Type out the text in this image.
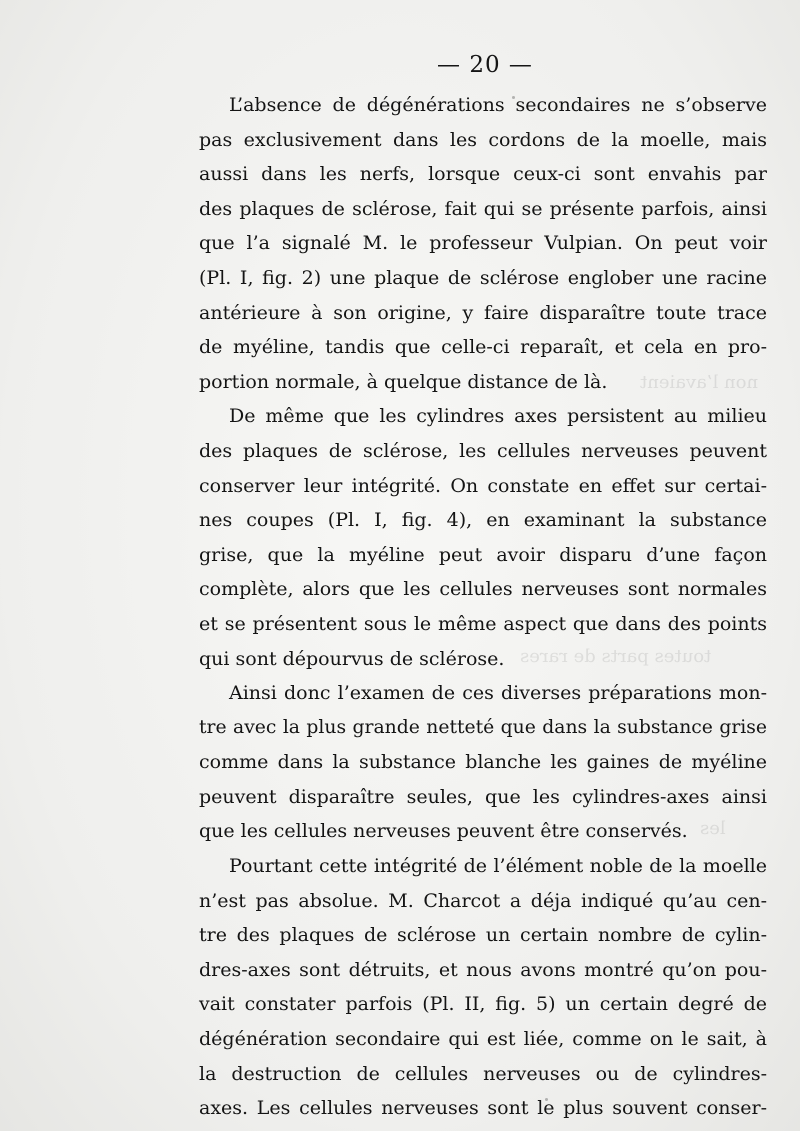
non l’avaient
toutes parts de rares
les
— 20 —
L’absence de dégénérations secondaires ne s’observe
pas exclusivement dans les cordons de la moelle, mais
aussi dans les nerfs, lorsque ceux-ci sont envahis par
des plaques de sclérose, fait qui se présente parfois, ainsi
que l’a signalé M. le professeur Vulpian. On peut voir
(Pl. I, fig. 2) une plaque de sclérose englober une racine
antérieure à son origine, y faire disparaître toute trace
de myéline, tandis que celle-ci reparaît, et cela en pro-
portion normale, à quelque distance de là.
De même que les cylindres axes persistent au milieu
des plaques de sclérose, les cellules nerveuses peuvent
conserver leur intégrité. On constate en effet sur certai-
nes coupes (Pl. I, fig. 4), en examinant la substance
grise, que la myéline peut avoir disparu d’une façon
complète, alors que les cellules nerveuses sont normales
et se présentent sous le même aspect que dans des points
qui sont dépourvus de sclérose.
Ainsi donc l’examen de ces diverses préparations mon-
tre avec la plus grande netteté que dans la substance grise
comme dans la substance blanche les gaines de myéline
peuvent disparaître seules, que les cylindres-axes ainsi
que les cellules nerveuses peuvent être conservés.
Pourtant cette intégrité de l’élément noble de la moelle
n’est pas absolue. M. Charcot a déja indiqué qu’au cen-
tre des plaques de sclérose un certain nombre de cylin-
dres-axes sont détruits, et nous avons montré qu’on pou-
vait constater parfois (Pl. II, fig. 5) un certain degré de
dégénération secondaire qui est liée, comme on le sait, à
la destruction de cellules nerveuses ou de cylindres-
axes. Les cellules nerveuses sont le plus souvent conser-
